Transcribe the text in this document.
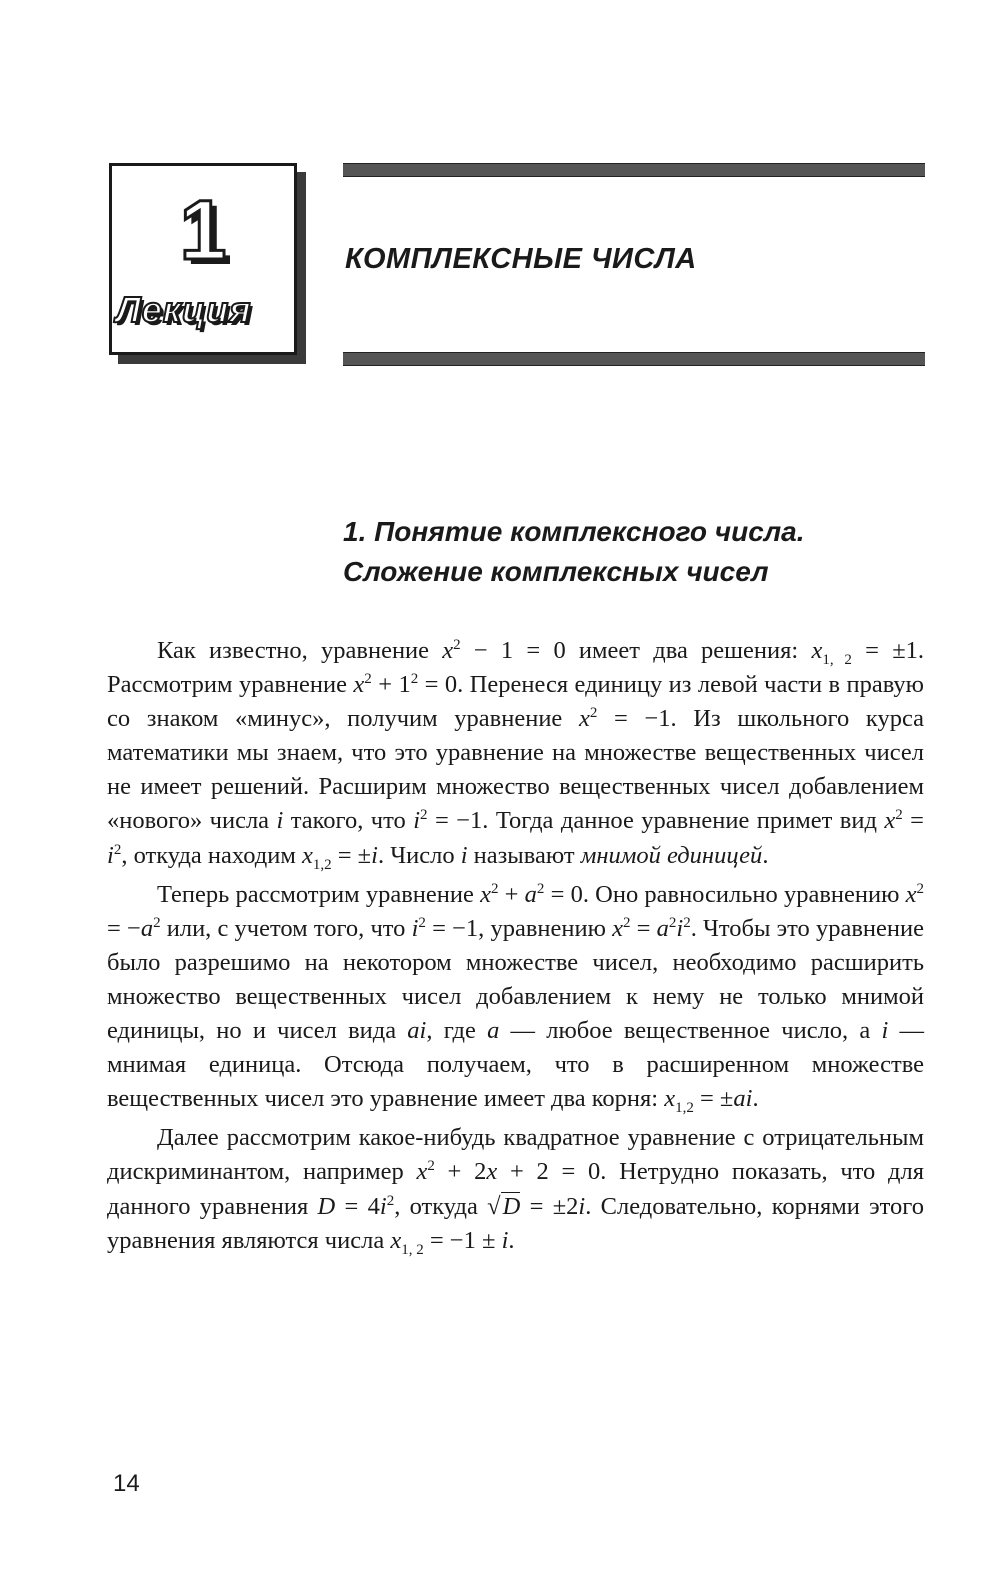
1
Лекция
КОМПЛЕКСНЫЕ ЧИСЛА
1. Понятие комплексного числа.
Сложение комплексных чисел

Как известно, уравнение $x^2 - 1 = 0$ имеет два решения: $x_{1, 2} = \pm 1$. Рассмотрим уравнение $x^2 + 1^2 = 0$. Перенеся единицу из левой части в правую со знаком «минус», получим уравнение $x^2 = -1$. Из школьного курса математики мы знаем, что это уравнение на множестве вещественных чисел не имеет решений. Расширим множество вещественных чисел добавлением «нового» числа i такого, что $i^2 = -1$. Тогда данное уравнение примет вид $x^2 = i^2$, откуда находим $x_{1,2} = \pm i$. Число i называют мнимой единицей.

Теперь рассмотрим уравнение $x^2 + a^2 = 0$. Оно равносильно уравнению $x^2 = -a^2$ или, с учетом того, что $i^2 = -1$, уравнению $x^2 = a^2i^2$. Чтобы это уравнение было разрешимо на некотором множестве чисел, необходимо расширить множество вещественных чисел добавлением к нему не только мнимой единицы, но и чисел вида ai, где a — любое вещественное число, а i — мнимая единица. Отсюда получаем, что в расширенном множестве вещественных чисел это уравнение имеет два корня: $x_{1,2} = \pm ai$.

Далее рассмотрим какое-нибудь квадратное уравнение с отрицательным дискриминантом, например $x^2 + 2x + 2 = 0$. Нетрудно показать, что для данного уравнения $D = 4i^2$, откуда √D = ±2i. Следовательно, корнями этого уравнения являются числа $x_{1, 2} = -1 \pm i$.

14
